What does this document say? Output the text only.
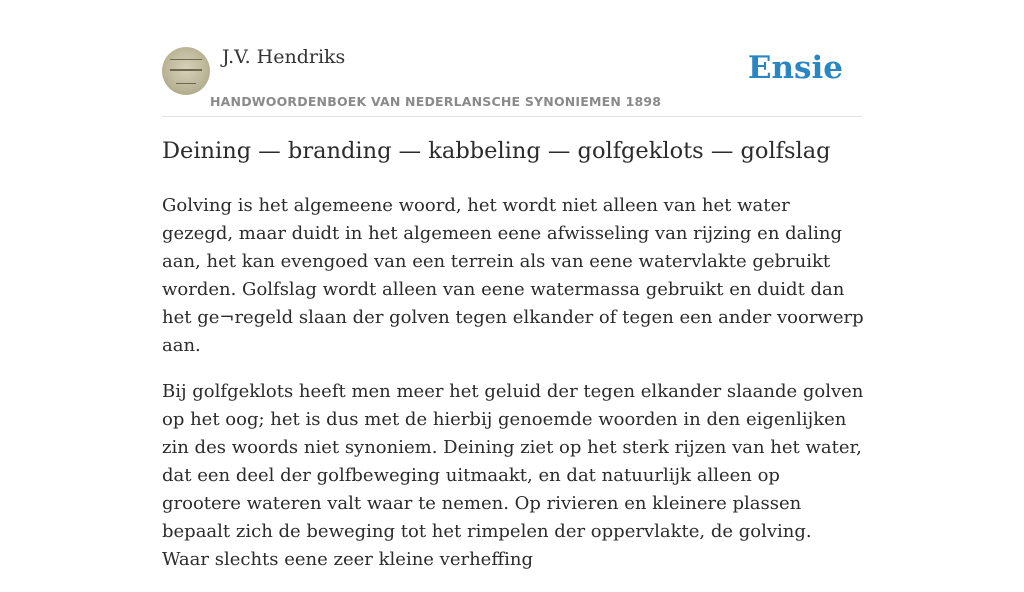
J.V. Hendriks
HANDWOORDENBOEK VAN NEDERLANSCHE SYNONIEMEN 1898
Ensie
Deining — branding — kabbeling — golfgeklots — golfslag

Golving is het algemeene woord, het wordt niet alleen van het water gezegd, maar duidt in het algemeen eene afwisseling van rijzing en daling aan, het kan evengoed van een terrein als van eene watervlakte gebruikt worden. Golfslag wordt alleen van eene watermassa gebruikt en duidt dan het ge¬regeld slaan der golven tegen elkander of tegen een ander voorwerp aan.

Bij golfgeklots heeft men meer het geluid der tegen elkander slaande golven op het oog; het is dus met de hierbij genoemde woorden in den eigenlijken zin des woords niet synoniem. Deining ziet op het sterk rijzen van het water, dat een deel der golfbeweging uitmaakt, en dat natuurlijk alleen op grootere wateren valt waar te nemen. Op rivieren en kleinere plassen bepaalt zich de beweging tot het rimpelen der oppervlakte, de golving. Waar slechts eene zeer kleine verheffing
